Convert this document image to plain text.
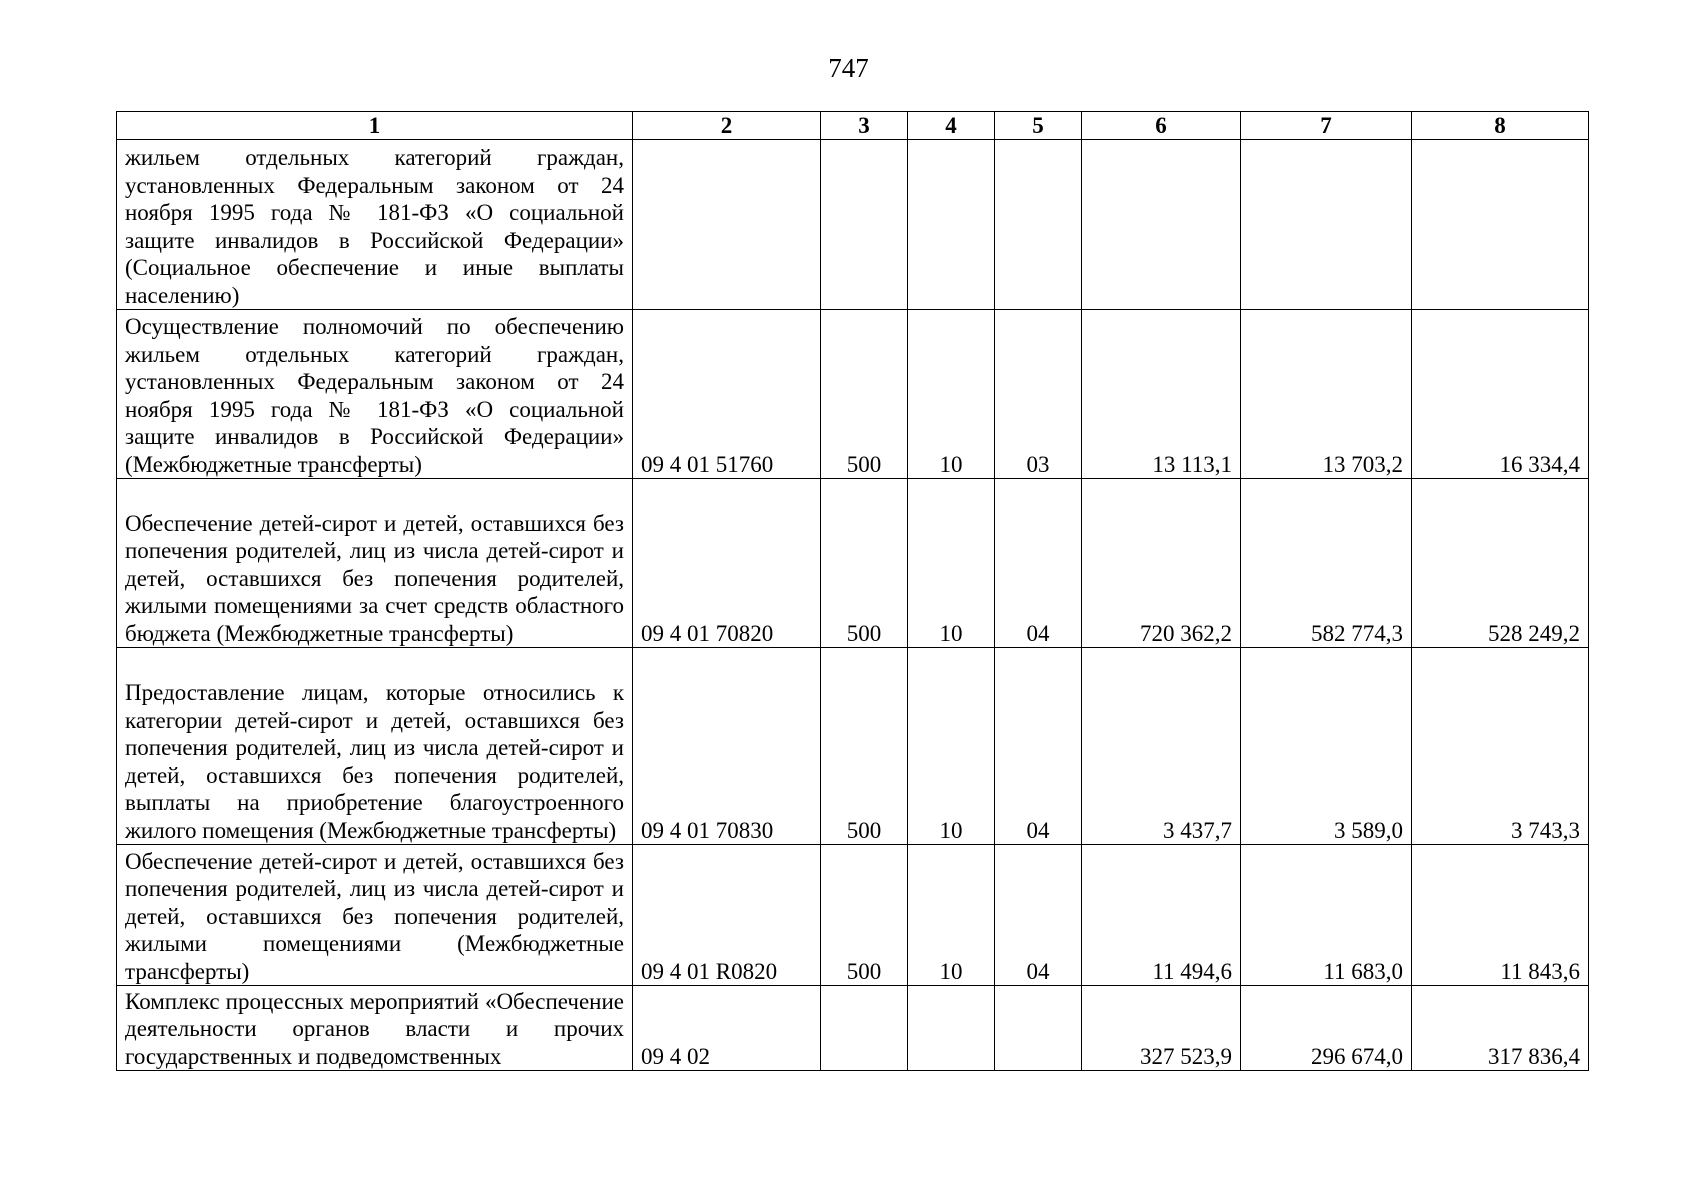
747
1	2	3	4	5	6	7	8
жильем отдельных категорий граждан, установленных Федеральным законом от 24 ноября 1995 года № 181-ФЗ «О социальной защите инвалидов в Российской Федерации» (Социальное обеспечение и иные выплаты населению)							
Осуществление полномочий по обеспечению жильем отдельных категорий граждан, установленных Федеральным законом от 24 ноября 1995 года № 181-ФЗ «О социальной защите инвалидов в Российской Федерации» (Межбюджетные трансферты)	09 4 01 51760	500	10	03	13 113,1	13 703,2	16 334,4
Обеспечение детей-сирот и детей, оставшихся без попечения родителей, лиц из числа детей-сирот и детей, оставшихся без попечения родителей, жилыми помещениями за счет средств областного бюджета (Межбюджетные трансферты)	09 4 01 70820	500	10	04	720 362,2	582 774,3	528 249,2
Предоставление лицам, которые относились к категории детей-сирот и детей, оставшихся без попечения родителей, лиц из числа детей-сирот и детей, оставшихся без попечения родителей, выплаты на приобретение благоустроенного жилого помещения (Межбюджетные трансферты)	09 4 01 70830	500	10	04	3 437,7	3 589,0	3 743,3
Обеспечение детей-сирот и детей, оставшихся без попечения родителей, лиц из числа детей-сирот и детей, оставшихся без попечения родителей, жилыми помещениями (Межбюджетные трансферты)	09 4 01 R0820	500	10	04	11 494,6	11 683,0	11 843,6
Комплекс процессных мероприятий «Обеспечение деятельности органов власти и прочих государственных и подведомственных	09 4 02				327 523,9	296 674,0	317 836,4
